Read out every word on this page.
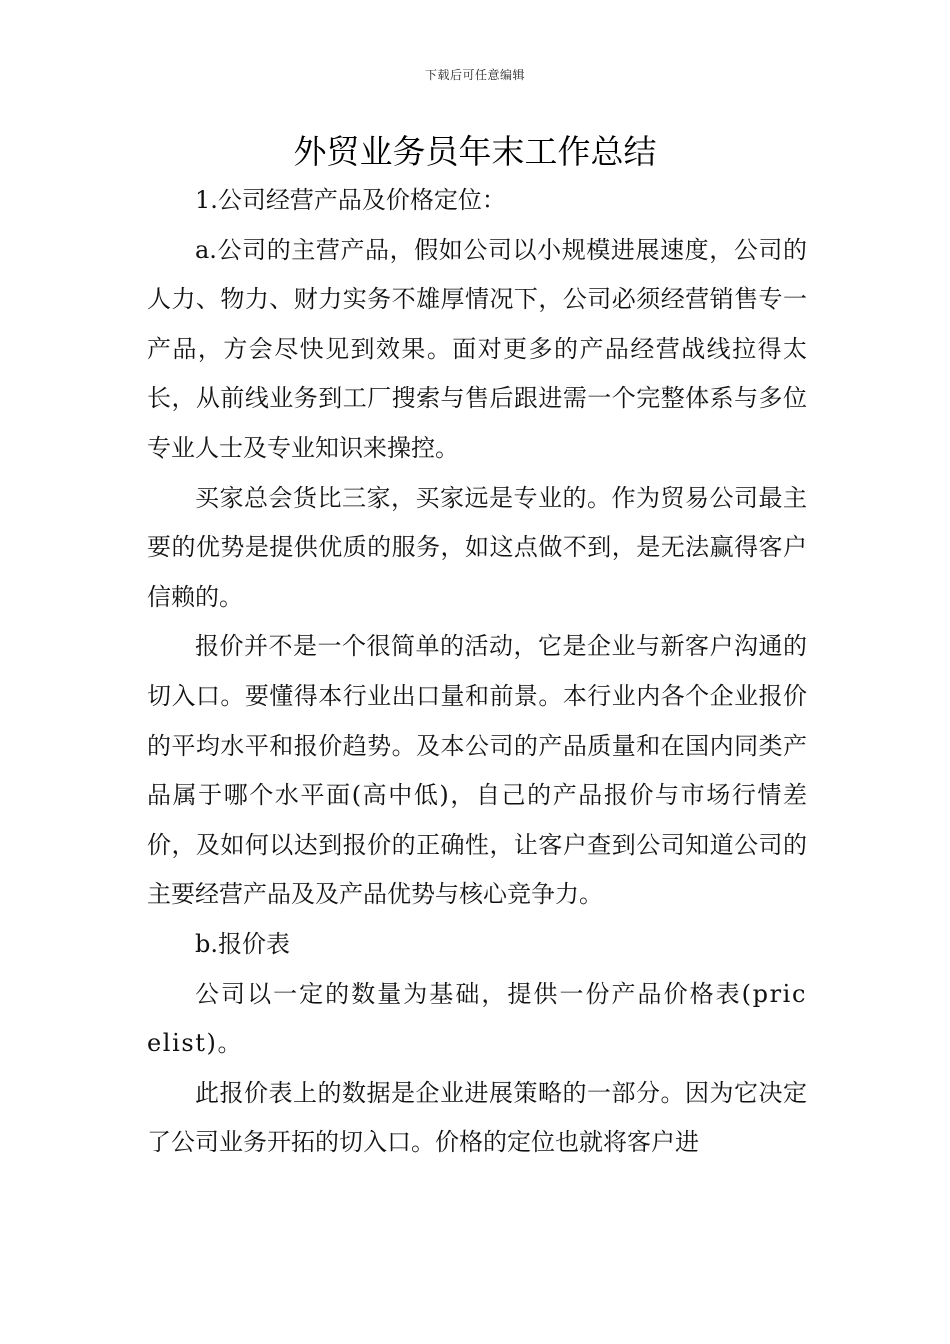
下载后可任意编辑
外贸业务员年末工作总结

1.公司经营产品及价格定位：

a.公司的主营产品，假如公司以小规模进展速度，公司的人力、物力、财力实务不雄厚情况下，公司必须经营销售专一产品，方会尽快见到效果。面对更多的产品经营战线拉得太长，从前线业务到工厂搜索与售后跟进需一个完整体系与多位专业人士及专业知识来操控。

买家总会货比三家，买家远是专业的。作为贸易公司最主要的优势是提供优质的服务，如这点做不到，是无法赢得客户信赖的。

报价并不是一个很简单的活动，它是企业与新客户沟通的切入口。要懂得本行业出口量和前景。本行业内各个企业报价的平均水平和报价趋势。及本公司的产品质量和在国内同类产品属于哪个水平面(高中低)，自己的产品报价与市场行情差价，及如何以达到报价的正确性，让客户查到公司知道公司的主要经营产品及及产品优势与核心竞争力。

b.报价表

公司以一定的数量为基础，提供一份产品价格表(pricelist)。

此报价表上的数据是企业进展策略的一部分。因为它决定了公司业务开拓的切入口。价格的定位也就将客户进
